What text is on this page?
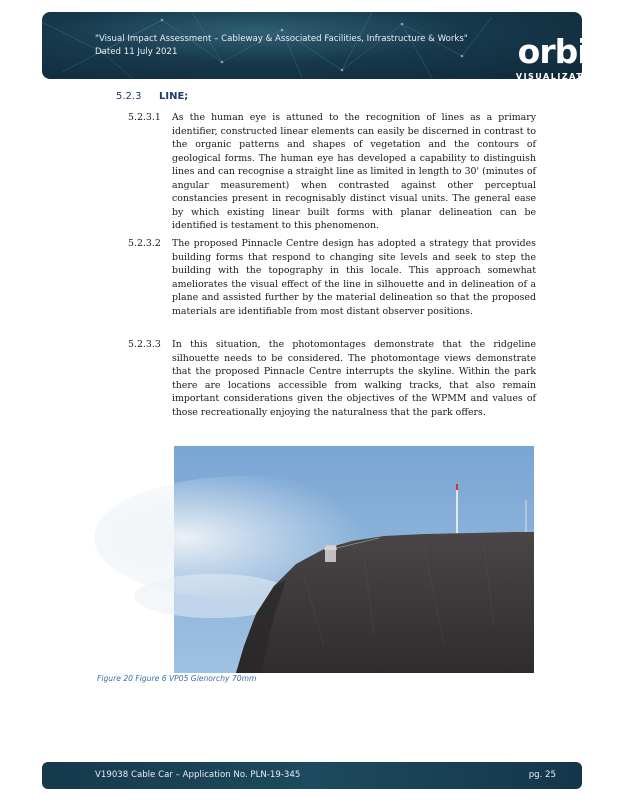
"Visual Impact Assessment – Cableway & Associated Facilities, Infrastructure & Works"
Dated 11 July 2021	orbit
VISUALIZATION
5.2.3 LINE;
5.2.3.1	As the human eye is attuned to the recognition of lines as a primary identifier, constructed linear elements can easily be discerned in contrast to the organic patterns and shapes of vegetation and the contours of geological forms. The human eye has developed a capability to distinguish lines and can recognise a straight line as limited in length to 30' (minutes of angular measurement) when contrasted against other perceptual constancies present in recognisably distinct visual units. The general ease by which existing linear built forms with planar delineation can be identified is testament to this phenomenon.
5.2.3.2	The proposed Pinnacle Centre design has adopted a strategy that provides building forms that respond to changing site levels and seek to step the building with the topography in this locale. This approach somewhat ameliorates the visual effect of the line in silhouette and in delineation of a plane and assisted further by the material delineation so that the proposed materials are identifiable from most distant observer positions.
5.2.3.3	In this situation, the photomontages demonstrate that the ridgeline silhouette needs to be considered. The photomontage views demonstrate that the proposed Pinnacle Centre interrupts the skyline. Within the park there are locations accessible from walking tracks, that also remain important considerations given the objectives of the WPMM and values of those recreationally enjoying the naturalness that the park offers.
Figure 20 Figure 6 VP05 Glenorchy 70mm
V19038 Cable Car – Application No. PLN-19-345	pg. 25
